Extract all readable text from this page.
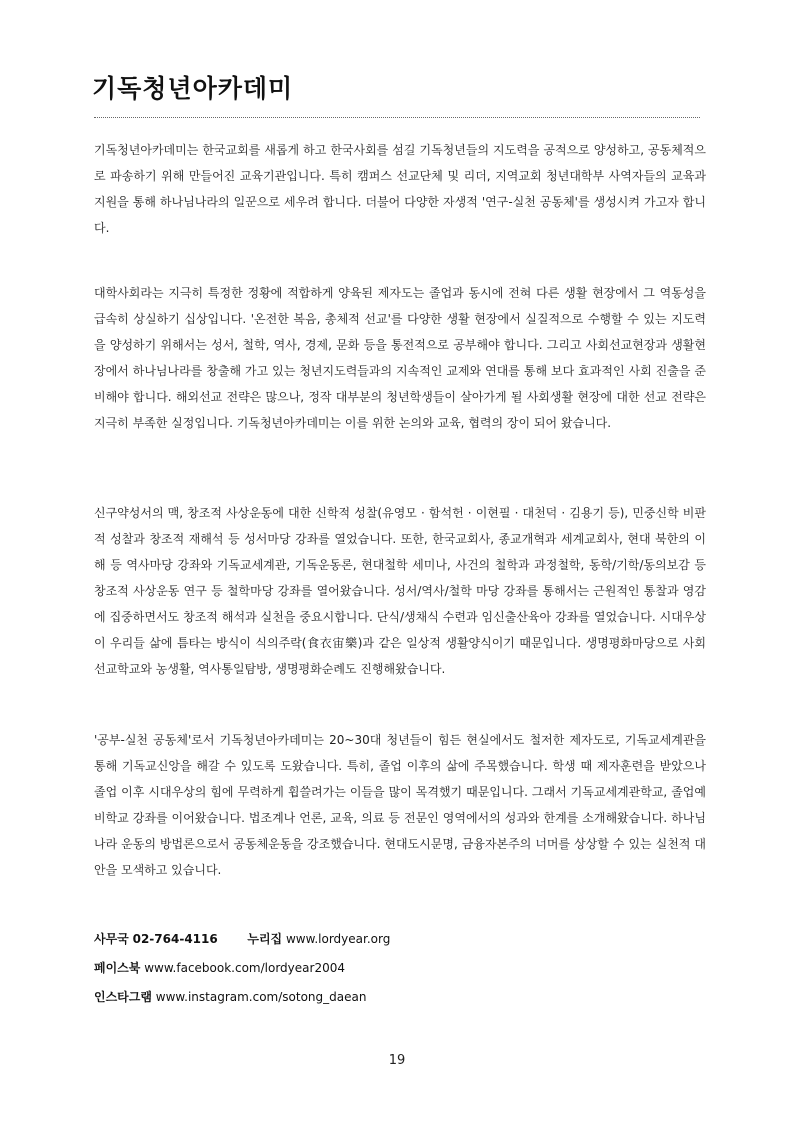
기독청년아카데미

기독청년아카데미는 한국교회를 새롭게 하고 한국사회를 섬길 기독청년들의 지도력을 공적으로 양성하고, 공동체적으로 파송하기 위해 만들어진 교육기관입니다. 특히 캠퍼스 선교단체 및 리더, 지역교회 청년대학부 사역자들의 교육과 지원을 통해 하나님나라의 일꾼으로 세우려 합니다. 더불어 다양한 자생적 '연구-실천 공동체'를 생성시켜 가고자 합니다.

대학사회라는 지극히 특정한 정황에 적합하게 양육된 제자도는 졸업과 동시에 전혀 다른 생활 현장에서 그 역동성을 급속히 상실하기 십상입니다. '온전한 복음, 총체적 선교'를 다양한 생활 현장에서 실질적으로 수행할 수 있는 지도력을 양성하기 위해서는 성서, 철학, 역사, 경제, 문화 등을 통전적으로 공부해야 합니다. 그리고 사회선교현장과 생활현장에서 하나님나라를 창출해 가고 있는 청년지도력들과의 지속적인 교제와 연대를 통해 보다 효과적인 사회 진출을 준비해야 합니다. 해외선교 전략은 많으나, 정작 대부분의 청년학생들이 살아가게 될 사회생활 현장에 대한 선교 전략은 지극히 부족한 실정입니다. 기독청년아카데미는 이를 위한 논의와 교육, 협력의 장이 되어 왔습니다.

신구약성서의 맥, 창조적 사상운동에 대한 신학적 성찰(유영모 · 함석헌 · 이현필 · 대천덕 · 김용기 등), 민중신학 비판적 성찰과 창조적 재해석 등 성서마당 강좌를 열었습니다. 또한, 한국교회사, 종교개혁과 세계교회사, 현대 북한의 이해 등 역사마당 강좌와 기독교세계관, 기독운동론, 현대철학 세미나, 사건의 철학과 과정철학, 동학/기학/동의보감 등 창조적 사상운동 연구 등 철학마당 강좌를 열어왔습니다. 성서/역사/철학 마당 강좌를 통해서는 근원적인 통찰과 영감에 집중하면서도 창조적 해석과 실천을 중요시합니다. 단식/생채식 수련과 임신출산육아 강좌를 열었습니다. 시대우상이 우리들 삶에 틈타는 방식이 식의주락(食衣宙樂)과 같은 일상적 생활양식이기 때문입니다. 생명평화마당으로 사회선교학교와 농생활, 역사통일탐방, 생명평화순례도 진행해왔습니다.

'공부-실천 공동체'로서 기독청년아카데미는 20~30대 청년들이 힘든 현실에서도 철저한 제자도로, 기독교세계관을 통해 기독교신앙을 해갈 수 있도록 도왔습니다. 특히, 졸업 이후의 삶에 주목했습니다. 학생 때 제자훈련을 받았으나 졸업 이후 시대우상의 힘에 무력하게 휩쓸려가는 이들을 많이 목격했기 때문입니다. 그래서 기독교세계관학교, 졸업예비학교 강좌를 이어왔습니다. 법조계나 언론, 교육, 의료 등 전문인 영역에서의 성과와 한계를 소개해왔습니다. 하나님 나라 운동의 방법론으로서 공동체운동을 강조했습니다. 현대도시문명, 금융자본주의 너머를 상상할 수 있는 실천적 대안을 모색하고 있습니다.

사무국 02-764-4116 누리집 www.lordyear.org

페이스북 www.facebook.com/lordyear2004

인스타그램 www.instagram.com/sotong_daean

19
